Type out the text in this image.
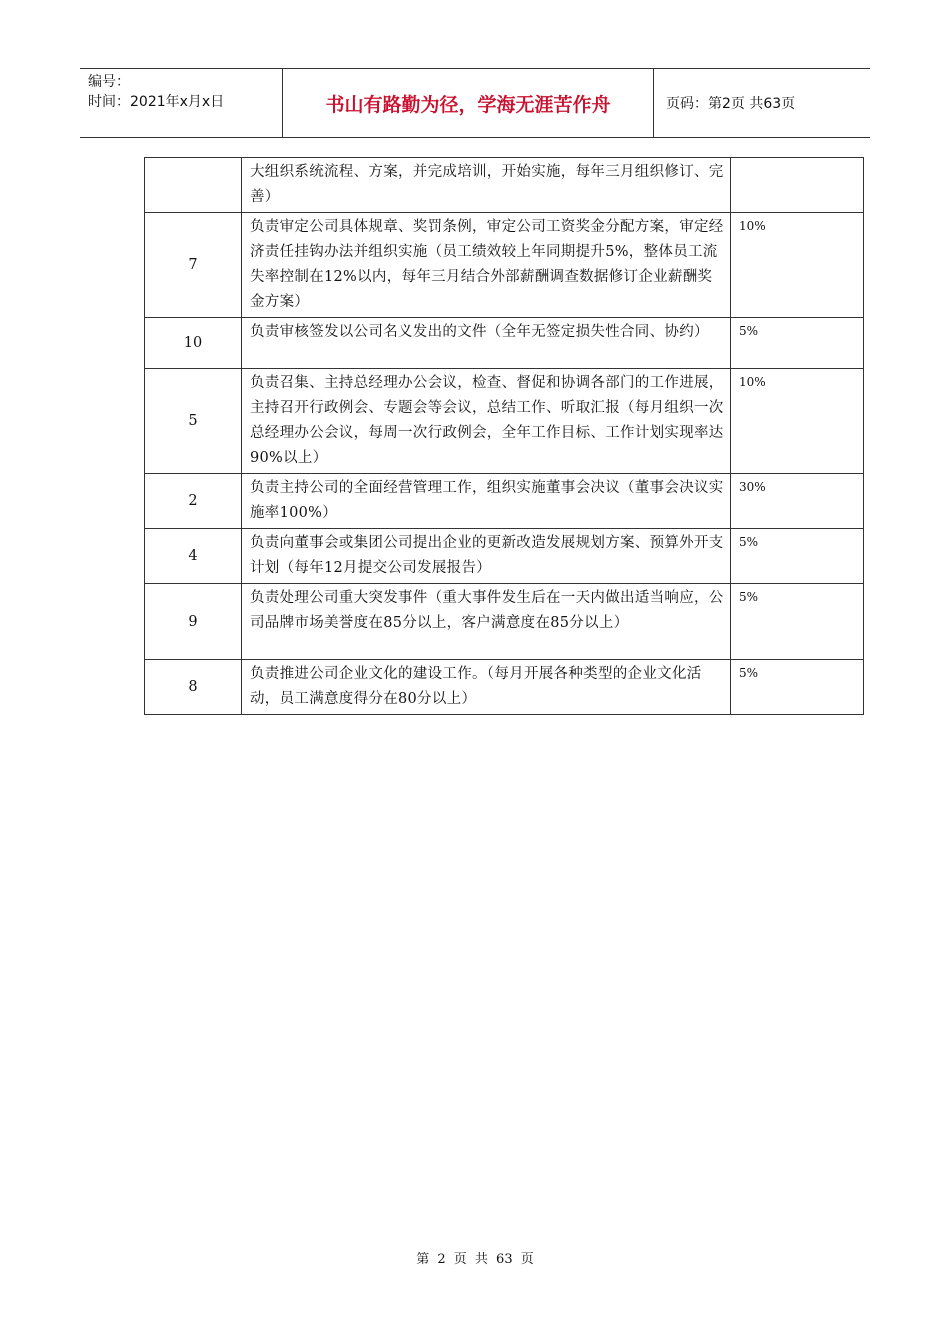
编号：
时间：2021年x月x日	书山有路勤为径，学海无涯苦作舟	页码：第2页 共63页
	大组织系统流程、方案，并完成培训，开始实施，每年三月组织修订、完善）	
7	负责审定公司具体规章、奖罚条例，审定公司工资奖金分配方案，审定经济责任挂钩办法并组织实施（员工绩效较上年同期提升5%，整体员工流失率控制在12%以内，每年三月结合外部薪酬调查数据修订企业薪酬奖金方案）	10%
10	负责审核签发以公司名义发出的文件（全年无签定损失性合同、协约）	5%
5	负责召集、主持总经理办公会议，检查、督促和协调各部门的工作进展，主持召开行政例会、专题会等会议，总结工作、听取汇报（每月组织一次总经理办公会议，每周一次行政例会，全年工作目标、工作计划实现率达90%以上）	10%
2	负责主持公司的全面经营管理工作，组织实施董事会决议（董事会决议实施率100%）	30%
4	负责向董事会或集团公司提出企业的更新改造发展规划方案、预算外开支计划（每年12月提交公司发展报告）	5%
9	负责处理公司重大突发事件（重大事件发生后在一天内做出适当响应，公司品牌市场美誉度在85分以上，客户满意度在85分以上）	5%
8	负责推进公司企业文化的建设工作。（每月开展各种类型的企业文化活动，员工满意度得分在80分以上）	5%
第 2 页 共 63 页
